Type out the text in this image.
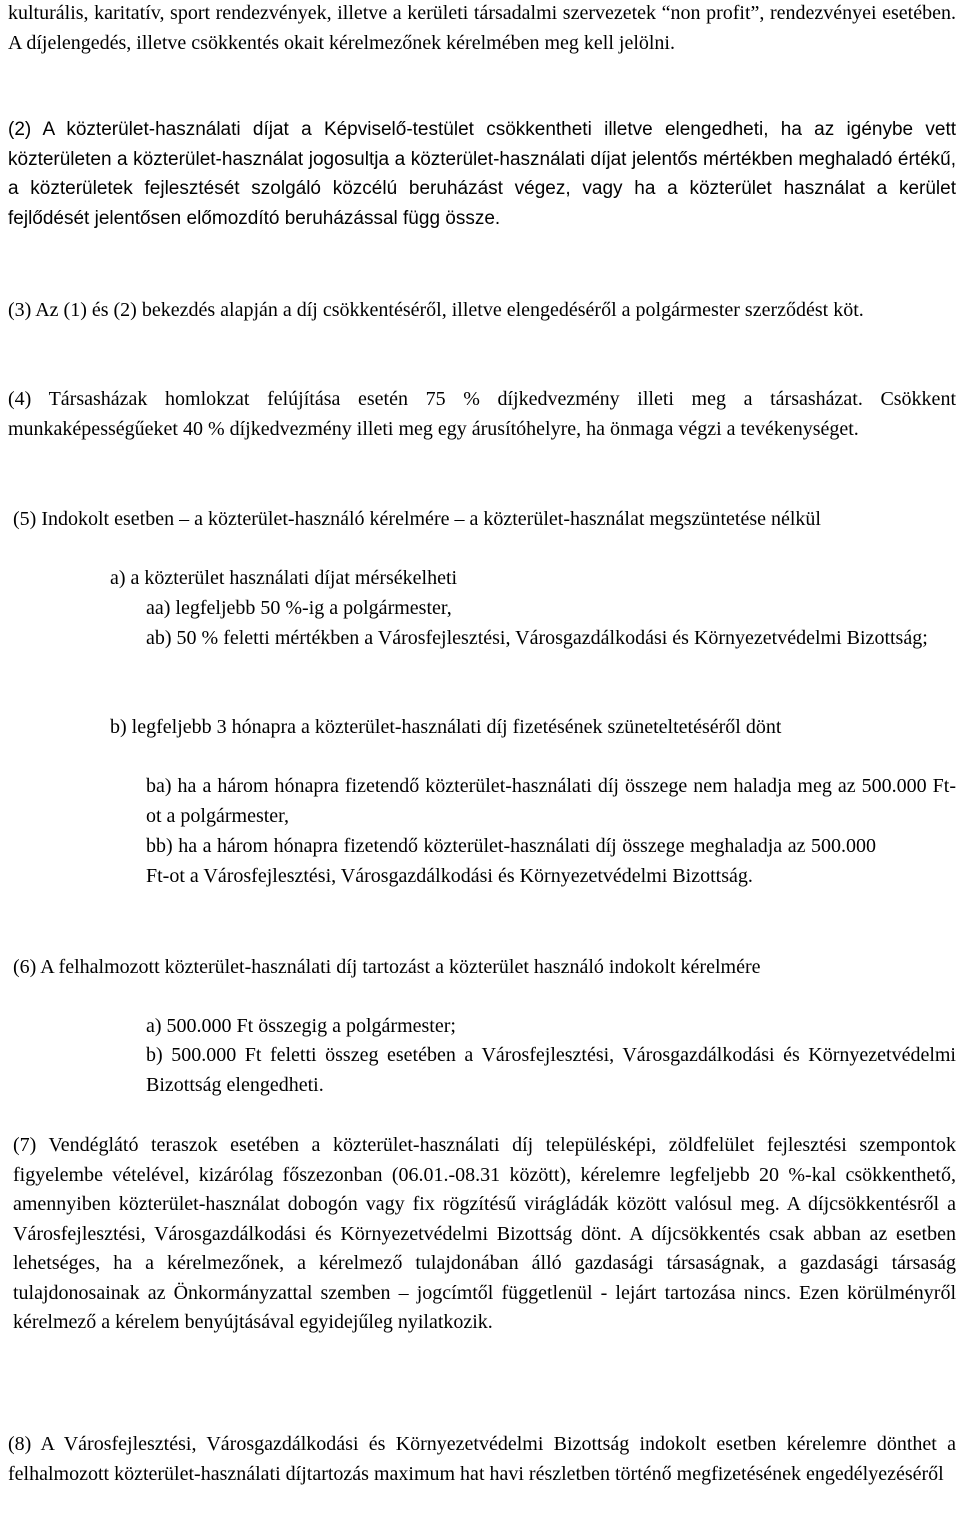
kulturális, karitatív, sport rendezvények, illetve a kerületi társadalmi szervezetek “non profit”, rendezvényei esetében. A díjelengedés, illetve csökkentés okait kérelmezőnek kérelmében meg kell jelölni.

(2) A közterület-használati díjat a Képviselő-testület csökkentheti illetve elengedheti, ha az igénybe vett közterületen a közterület-használat jogosultja a közterület-használati díjat jelentős mértékben meghaladó értékű, a közterületek fejlesztését szolgáló közcélú beruházást végez, vagy ha a közterület használat a kerület fejlődését jelentősen előmozdító beruházással függ össze.

(3) Az (1) és (2) bekezdés alapján a díj csökkentéséről, illetve elengedéséről a polgármester szerződést köt.

(4) Társasházak homlokzat felújítása esetén 75 % díjkedvezmény illeti meg a társasházat. Csökkent munkaképességűeket 40 % díjkedvezmény illeti meg egy árusítóhelyre, ha önmaga végzi a tevékenységet.

(5) Indokolt esetben – a közterület-használó kérelmére – a közterület-használat megszüntetése nélkül

a) a közterület használati díjat mérsékelheti

aa) legfeljebb 50 %-ig a polgármester,

ab) 50 % feletti mértékben a Városfejlesztési, Városgazdálkodási és Környezetvédelmi Bizottság;

b) legfeljebb 3 hónapra a közterület-használati díj fizetésének szüneteltetéséről dönt

ba) ha a három hónapra fizetendő közterület-használati díj összege nem haladja meg az 500.000 Ft-ot a polgármester,

bb) ha a három hónapra fizetendő közterület-használati díj összege meghaladja az 500.000 Ft-ot a Városfejlesztési, Városgazdálkodási és Környezetvédelmi Bizottság.

(6) A felhalmozott közterület-használati díj tartozást a közterület használó indokolt kérelmére

a) 500.000 Ft összegig a polgármester;

b) 500.000 Ft feletti összeg esetében a Városfejlesztési, Városgazdálkodási és Környezetvédelmi Bizottság elengedheti.

(7) Vendéglátó teraszok esetében a közterület-használati díj településképi, zöldfelület fejlesztési szempontok figyelembe vételével, kizárólag főszezonban (06.01.-08.31 között), kérelemre legfeljebb 20 %-kal csökkenthető, amennyiben közterület-használat dobogón vagy fix rögzítésű virágládák között valósul meg. A díjcsökkentésről a Városfejlesztési, Városgazdálkodási és Környezetvédelmi Bizottság dönt. A díjcsökkentés csak abban az esetben lehetséges, ha a kérelmezőnek, a kérelmező tulajdonában álló gazdasági társaságnak, a gazdasági társaság tulajdonosainak az Önkormányzattal szemben – jogcímtől függetlenül - lejárt tartozása nincs. Ezen körülményről kérelmező a kérelem benyújtásával egyidejűleg nyilatkozik.

(8) A Városfejlesztési, Városgazdálkodási és Környezetvédelmi Bizottság indokolt esetben kérelemre dönthet a felhalmozott közterület-használati díjtartozás maximum hat havi részletben történő megfizetésének engedélyezéséről
